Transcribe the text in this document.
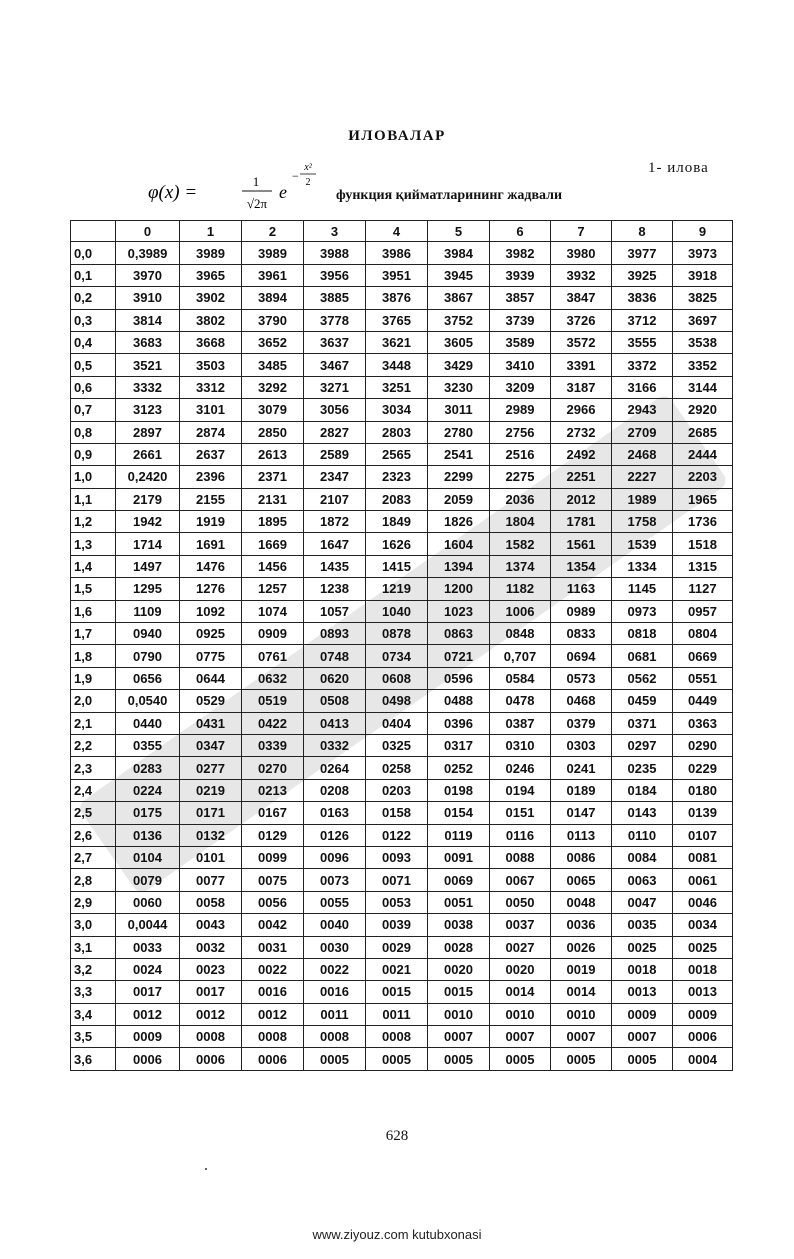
ИЛОВАЛАР
1- илова
φ(x) =
1
√2π
e
−
x²
2
функция қийматларининг жадвали
	0	1	2	3	4	5	6	7	8	9
0,0	0,3989	3989	3989	3988	3986	3984	3982	3980	3977	3973
0,1	3970	3965	3961	3956	3951	3945	3939	3932	3925	3918
0,2	3910	3902	3894	3885	3876	3867	3857	3847	3836	3825
0,3	3814	3802	3790	3778	3765	3752	3739	3726	3712	3697
0,4	3683	3668	3652	3637	3621	3605	3589	3572	3555	3538
0,5	3521	3503	3485	3467	3448	3429	3410	3391	3372	3352
0,6	3332	3312	3292	3271	3251	3230	3209	3187	3166	3144
0,7	3123	3101	3079	3056	3034	3011	2989	2966	2943	2920
0,8	2897	2874	2850	2827	2803	2780	2756	2732	2709	2685
0,9	2661	2637	2613	2589	2565	2541	2516	2492	2468	2444
1,0	0,2420	2396	2371	2347	2323	2299	2275	2251	2227	2203
1,1	2179	2155	2131	2107	2083	2059	2036	2012	1989	1965
1,2	1942	1919	1895	1872	1849	1826	1804	1781	1758	1736
1,3	1714	1691	1669	1647	1626	1604	1582	1561	1539	1518
1,4	1497	1476	1456	1435	1415	1394	1374	1354	1334	1315
1,5	1295	1276	1257	1238	1219	1200	1182	1163	1145	1127
1,6	1109	1092	1074	1057	1040	1023	1006	0989	0973	0957
1,7	0940	0925	0909	0893	0878	0863	0848	0833	0818	0804
1,8	0790	0775	0761	0748	0734	0721	0,707	0694	0681	0669
1,9	0656	0644	0632	0620	0608	0596	0584	0573	0562	0551
2,0	0,0540	0529	0519	0508	0498	0488	0478	0468	0459	0449
2,1	0440	0431	0422	0413	0404	0396	0387	0379	0371	0363
2,2	0355	0347	0339	0332	0325	0317	0310	0303	0297	0290
2,3	0283	0277	0270	0264	0258	0252	0246	0241	0235	0229
2,4	0224	0219	0213	0208	0203	0198	0194	0189	0184	0180
2,5	0175	0171	0167	0163	0158	0154	0151	0147	0143	0139
2,6	0136	0132	0129	0126	0122	0119	0116	0113	0110	0107
2,7	0104	0101	0099	0096	0093	0091	0088	0086	0084	0081
2,8	0079	0077	0075	0073	0071	0069	0067	0065	0063	0061
2,9	0060	0058	0056	0055	0053	0051	0050	0048	0047	0046
3,0	0,0044	0043	0042	0040	0039	0038	0037	0036	0035	0034
3,1	0033	0032	0031	0030	0029	0028	0027	0026	0025	0025
3,2	0024	0023	0022	0022	0021	0020	0020	0019	0018	0018
3,3	0017	0017	0016	0016	0015	0015	0014	0014	0013	0013
3,4	0012	0012	0012	0011	0011	0010	0010	0010	0009	0009
3,5	0009	0008	0008	0008	0008	0007	0007	0007	0007	0006
3,6	0006	0006	0006	0005	0005	0005	0005	0005	0005	0004
628
www.ziyouz.com kutubxonasi
